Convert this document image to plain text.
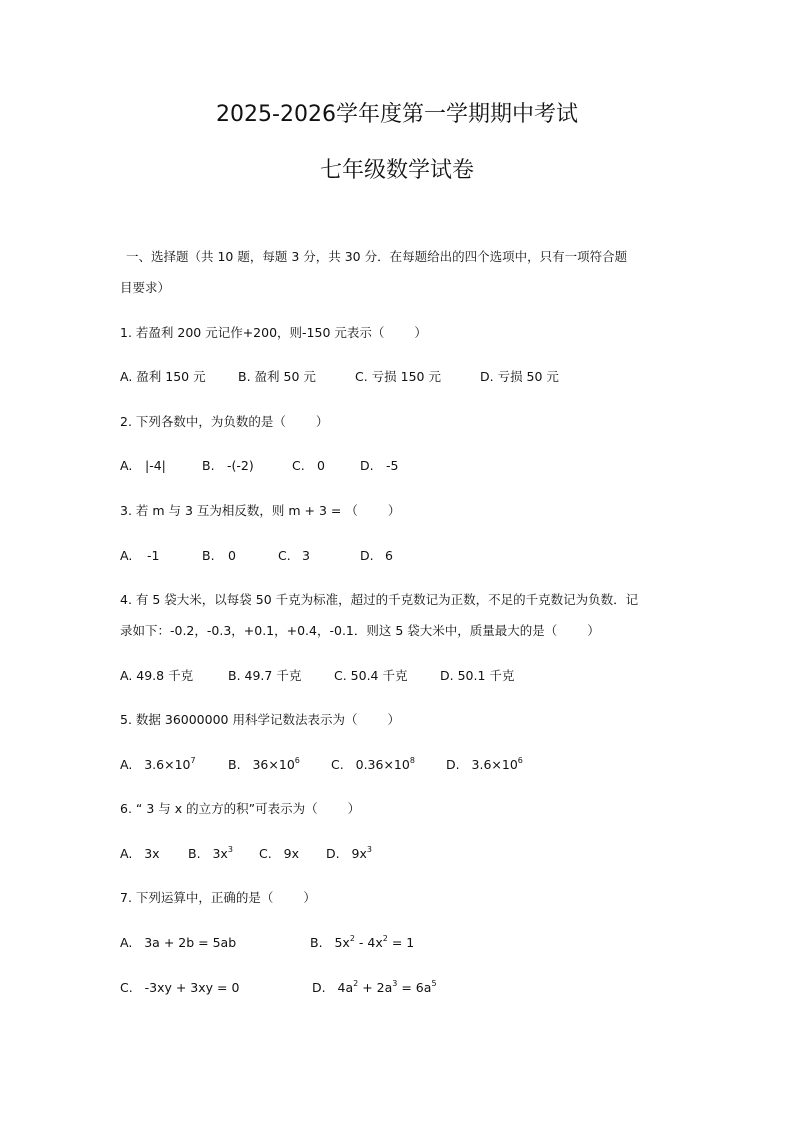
2025-2026学年度第一学期期中考试
七年级数学试卷
一、选择题（共 10 题，每题 3 分，共 30 分．在每题给出的四个选项中，只有一项符合题
目要求）
1. 若盈利 200 元记作+200，则-150 元表示（ ）
A. 盈利 150 元	B. 盈利 50 元	C. 亏损 150 元	D. 亏损 50 元
2. 下列各数中，为负数的是（ ）
A. |-4|	B. -(-2)	C. 0	D. -5
3. 若 m 与 3 互为相反数，则 m + 3 = （ ）
A. -1	B. 0	C. 3	D. 6
4. 有 5 袋大米，以每袋 50 千克为标准，超过的千克数记为正数，不足的千克数记为负数．记
录如下：-0.2，-0.3，+0.1，+0.4，-0.1．则这 5 袋大米中，质量最大的是（ ）
A. 49.8 千克	B. 49.7 千克	C. 50.4 千克	D. 50.1 千克
5. 数据 36000000 用科学记数法表示为（ ）
A. $3.6\times 10^7$	B. $36\times 10^6$ C. $0.36\times 10^8$ D. $3.6\times 10^6$
6. “ 3 与 x 的立方的积”可表示为（ ）
A. 3x B. $3x^3$ C. 9x D. $9x^3$
7. 下列运算中，正确的是（ ）
A. 3a + 2b = 5ab	B. $5x^2 - 4x^2 = 1$
C. -3xy + 3xy = 0	D. $4a^2 + 2a^3 = 6a^5$
